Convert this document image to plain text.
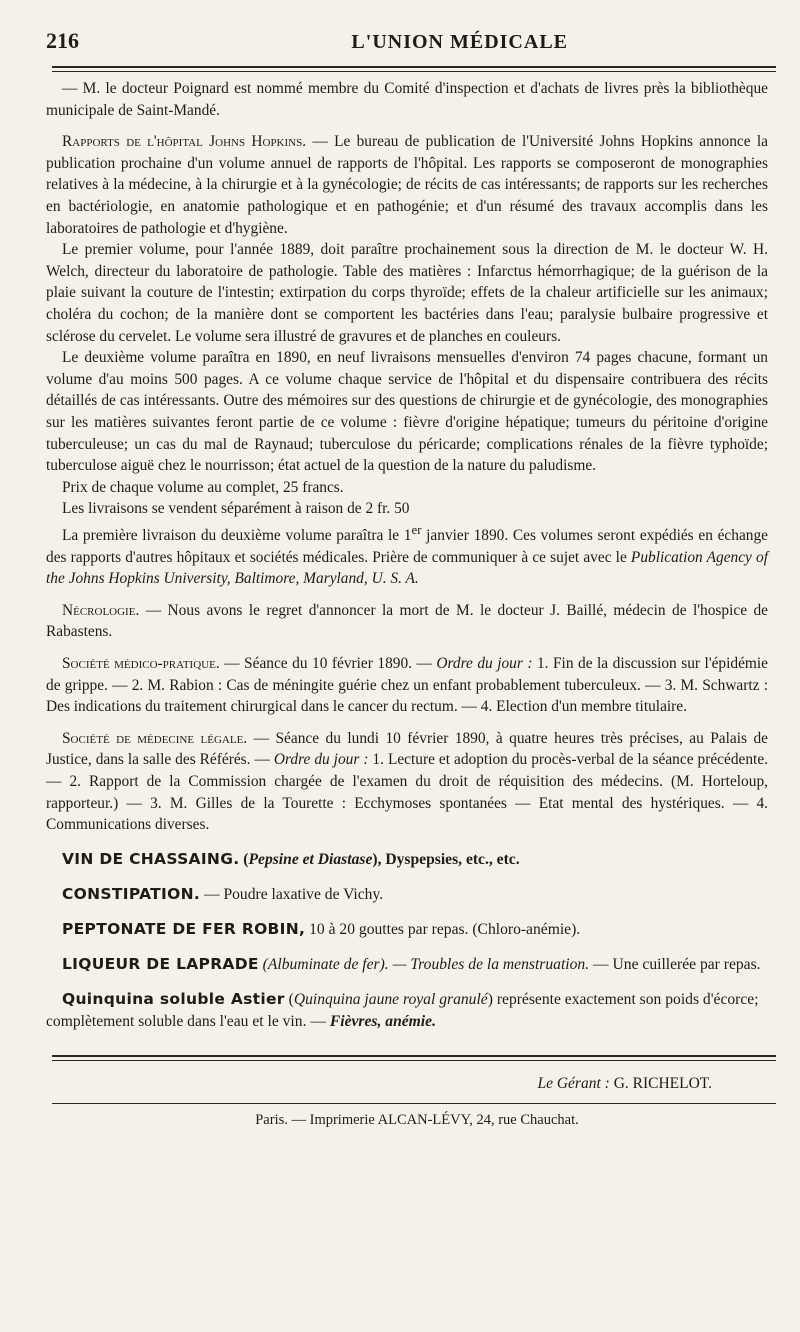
216	L'UNION MÉDICALE

— M. le docteur Poignard est nommé membre du Comité d'inspection et d'achats de livres près la bibliothèque municipale de Saint-Mandé.

Rapports de l'hôpital Johns Hopkins. — Le bureau de publication de l'Université Johns Hopkins annonce la publication prochaine d'un volume annuel de rapports de l'hôpital. Les rapports se composeront de monographies relatives à la médecine, à la chirurgie et à la gynécologie; de récits de cas intéressants; de rapports sur les recherches en bactériologie, en anatomie pathologique et en pathogénie; et d'un résumé des travaux accomplis dans les laboratoires de pathologie et d'hygiène.

Le premier volume, pour l'année 1889, doit paraître prochainement sous la direction de M. le docteur W. H. Welch, directeur du laboratoire de pathologie. Table des matières : Infarctus hémorrhagique; de la guérison de la plaie suivant la couture de l'intestin; extirpation du corps thyroïde; effets de la chaleur artificielle sur les animaux; choléra du cochon; de la manière dont se comportent les bactéries dans l'eau; paralysie bulbaire progressive et sclérose du cervelet. Le volume sera illustré de gravures et de planches en couleurs.

Le deuxième volume paraîtra en 1890, en neuf livraisons mensuelles d'environ 74 pages chacune, formant un volume d'au moins 500 pages. A ce volume chaque service de l'hôpital et du dispensaire contribuera des récits détaillés de cas intéressants. Outre des mémoires sur des questions de chirurgie et de gynécologie, des monographies sur les matières suivantes feront partie de ce volume : fièvre d'origine hépatique; tumeurs du péritoine d'origine tuberculeuse; un cas du mal de Raynaud; tuberculose du péricarde; complications rénales de la fièvre typhoïde; tuberculose aiguë chez le nourrisson; état actuel de la question de la nature du paludisme.

Prix de chaque volume au complet, 25 francs.

Les livraisons se vendent séparément à raison de 2 fr. 50

La première livraison du deuxième volume paraîtra le 1er janvier 1890. Ces volumes seront expédiés en échange des rapports d'autres hôpitaux et sociétés médicales. Prière de communiquer à ce sujet avec le Publication Agency of the Johns Hopkins University, Baltimore, Maryland, U. S. A.

Nécrologie. — Nous avons le regret d'annoncer la mort de M. le docteur J. Baillé, médecin de l'hospice de Rabastens.

Société médico-pratique. — Séance du 10 février 1890. — Ordre du jour : 1. Fin de la discussion sur l'épidémie de grippe. — 2. M. Rabion : Cas de méningite guérie chez un enfant probablement tuberculeux. — 3. M. Schwartz : Des indications du traitement chirurgical dans le cancer du rectum. — 4. Election d'un membre titulaire.

Société de médecine légale. — Séance du lundi 10 février 1890, à quatre heures très précises, au Palais de Justice, dans la salle des Référés. — Ordre du jour : 1. Lecture et adoption du procès-verbal de la séance précédente. — 2. Rapport de la Commission chargée de l'examen du droit de réquisition des médecins. (M. Horteloup, rapporteur.) — 3. M. Gilles de la Tourette : Ecchymoses spontanées — Etat mental des hystériques. — 4. Communications diverses.

VIN DE CHASSAING. (Pepsine et Diastase), Dyspepsies, etc., etc.

CONSTIPATION. — Poudre laxative de Vichy.

PEPTONATE DE FER ROBIN, 10 à 20 gouttes par repas. (Chloro-anémie).

LIQUEUR DE LAPRADE (Albuminate de fer). — Troubles de la menstruation. — Une cuillerée par repas.

Quinquina soluble Astier (Quinquina jaune royal granulé) représente exactement son poids d'écorce; complètement soluble dans l'eau et le vin. — Fièvres, anémie.

Le Gérant : G. RICHELOT.
Paris. — Imprimerie ALCAN-LÉVY, 24, rue Chauchat.
